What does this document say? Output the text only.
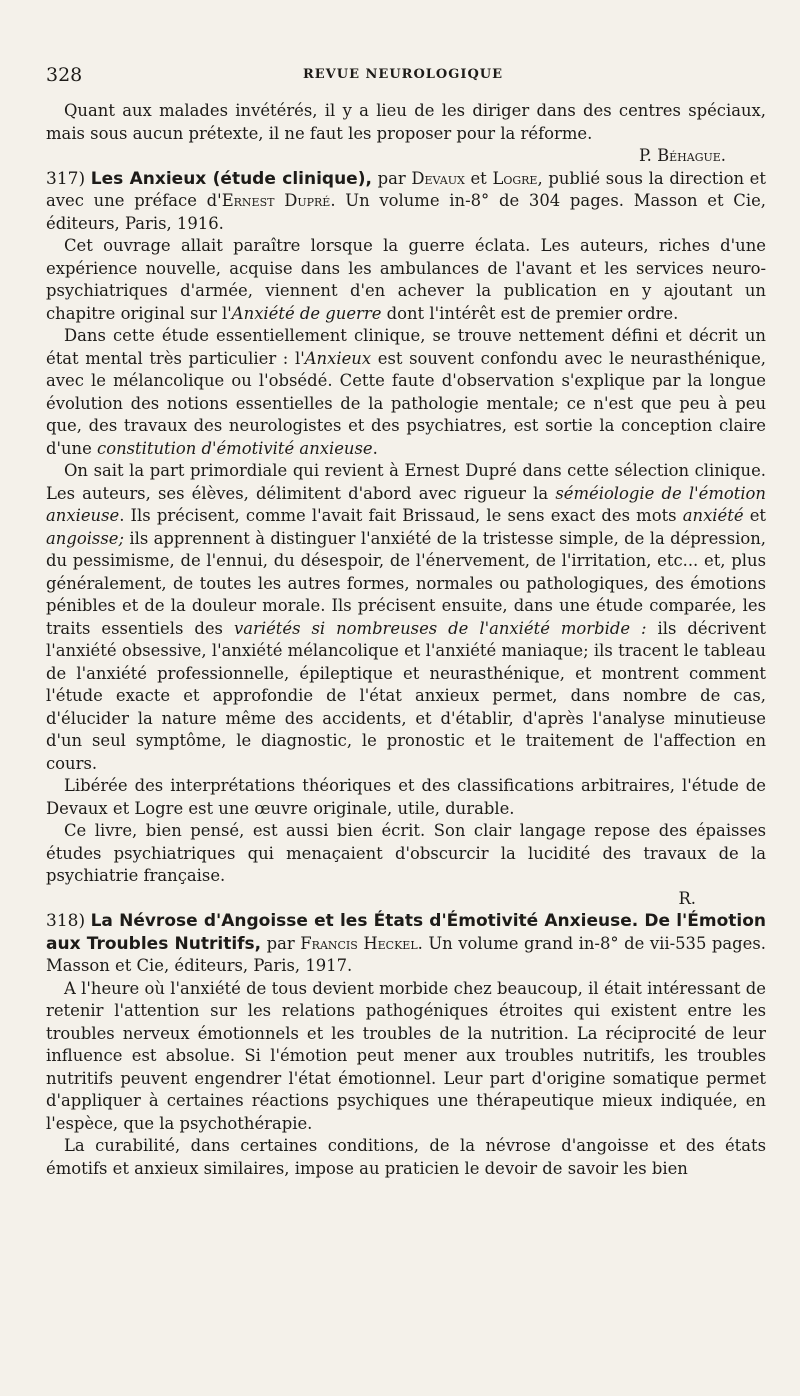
328	REVUE NEUROLOGIQUE

Quant aux malades invétérés, il y a lieu de les diriger dans des centres spéciaux, mais sous aucun prétexte, il ne faut les proposer pour la réforme.

P. Béhague.

317) Les Anxieux (étude clinique), par Devaux et Logre, publié sous la direction et avec une préface d'Ernest Dupré. Un volume in-8° de 304 pages. Masson et Cie, éditeurs, Paris, 1916.

Cet ouvrage allait paraître lorsque la guerre éclata. Les auteurs, riches d'une expérience nouvelle, acquise dans les ambulances de l'avant et les services neuro-psychiatriques d'armée, viennent d'en achever la publication en y ajoutant un chapitre original sur l'Anxiété de guerre dont l'intérêt est de premier ordre.

Dans cette étude essentiellement clinique, se trouve nettement défini et décrit un état mental très particulier : l'Anxieux est souvent confondu avec le neurasthénique, avec le mélancolique ou l'obsédé. Cette faute d'observation s'explique par la longue évolution des notions essentielles de la pathologie mentale; ce n'est que peu à peu que, des travaux des neurologistes et des psychiatres, est sortie la conception claire d'une constitution d'émotivité anxieuse.

On sait la part primordiale qui revient à Ernest Dupré dans cette sélection clinique. Les auteurs, ses élèves, délimitent d'abord avec rigueur la séméiologie de l'émotion anxieuse. Ils précisent, comme l'avait fait Brissaud, le sens exact des mots anxiété et angoisse; ils apprennent à distinguer l'anxiété de la tristesse simple, de la dépression, du pessimisme, de l'ennui, du désespoir, de l'énervement, de l'irritation, etc... et, plus généralement, de toutes les autres formes, normales ou pathologiques, des émotions pénibles et de la douleur morale. Ils précisent ensuite, dans une étude comparée, les traits essentiels des variétés si nombreuses de l'anxiété morbide : ils décrivent l'anxiété obsessive, l'anxiété mélancolique et l'anxiété maniaque; ils tracent le tableau de l'anxiété professionnelle, épileptique et neurasthénique, et montrent comment l'étude exacte et approfondie de l'état anxieux permet, dans nombre de cas, d'élucider la nature même des accidents, et d'établir, d'après l'analyse minutieuse d'un seul symptôme, le diagnostic, le pronostic et le traitement de l'affection en cours.

Libérée des interprétations théoriques et des classifications arbitraires, l'étude de Devaux et Logre est une œuvre originale, utile, durable.

Ce livre, bien pensé, est aussi bien écrit. Son clair langage repose des épaisses études psychiatriques qui menaçaient d'obscurcir la lucidité des travaux de la psychiatrie française.

R.

318) La Névrose d'Angoisse et les États d'Émotivité Anxieuse. De l'Émotion aux Troubles Nutritifs, par Francis Heckel. Un volume grand in-8° de vii-535 pages. Masson et Cie, éditeurs, Paris, 1917.

A l'heure où l'anxiété de tous devient morbide chez beaucoup, il était intéressant de retenir l'attention sur les relations pathogéniques étroites qui existent entre les troubles nerveux émotionnels et les troubles de la nutrition. La réciprocité de leur influence est absolue. Si l'émotion peut mener aux troubles nutritifs, les troubles nutritifs peuvent engendrer l'état émotionnel. Leur part d'origine somatique permet d'appliquer à certaines réactions psychiques une thérapeutique mieux indiquée, en l'espèce, que la psychothérapie.

La curabilité, dans certaines conditions, de la névrose d'angoisse et des états émotifs et anxieux similaires, impose au praticien le devoir de savoir les bien
